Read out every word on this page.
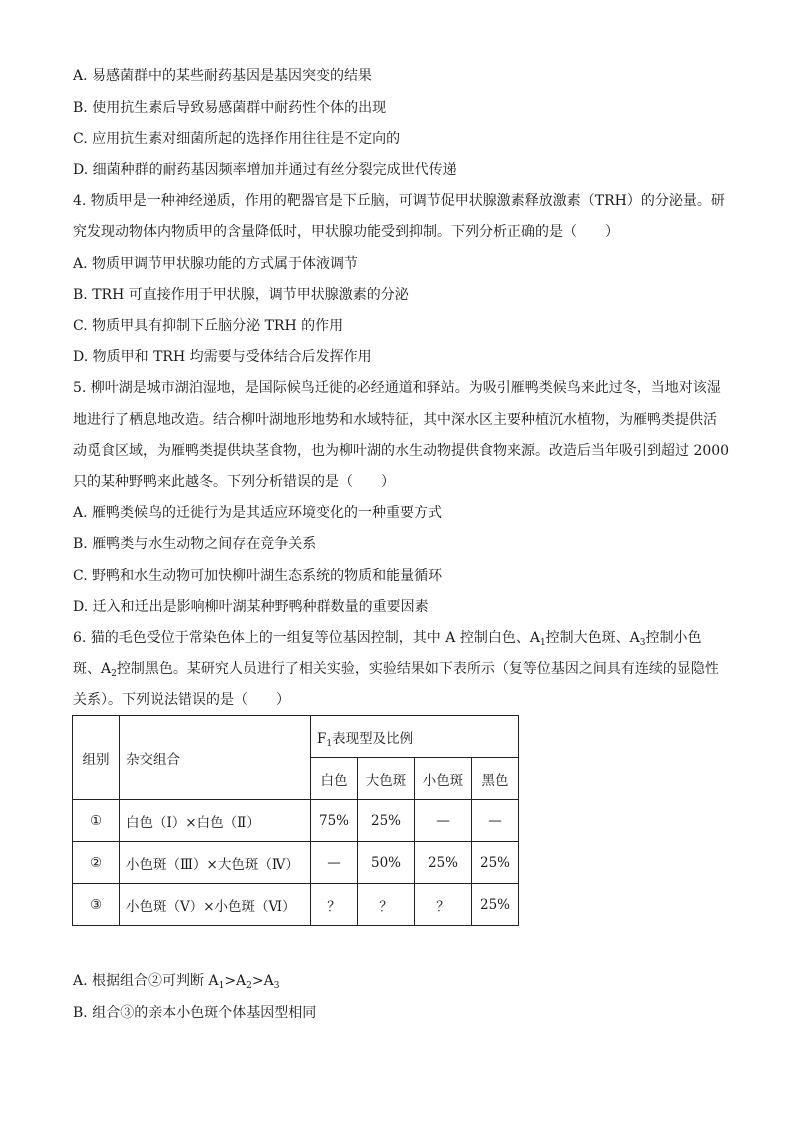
A. 易感菌群中的某些耐药基因是基因突变的结果
B. 使用抗生素后导致易感菌群中耐药性个体的出现
C. 应用抗生素对细菌所起的选择作用往往是不定向的
D. 细菌种群的耐药基因频率增加并通过有丝分裂完成世代传递
4. 物质甲是一种神经递质，作用的靶器官是下丘脑，可调节促甲状腺激素释放激素（TRH）的分泌量。研
究发现动物体内物质甲的含量降低时，甲状腺功能受到抑制。下列分析正确的是（　　）
A. 物质甲调节甲状腺功能的方式属于体液调节
B. TRH 可直接作用于甲状腺，调节甲状腺激素的分泌
C. 物质甲具有抑制下丘脑分泌 TRH 的作用
D. 物质甲和 TRH 均需要与受体结合后发挥作用
5. 柳叶湖是城市湖泊湿地，是国际候鸟迁徙的必经通道和驿站。为吸引雁鸭类候鸟来此过冬，当地对该湿
地进行了栖息地改造。结合柳叶湖地形地势和水域特征，其中深水区主要种植沉水植物，为雁鸭类提供活
动觅食区域，为雁鸭类提供块茎食物，也为柳叶湖的水生动物提供食物来源。改造后当年吸引到超过 2000
只的某种野鸭来此越冬。下列分析错误的是（　　）
A. 雁鸭类候鸟的迁徙行为是其适应环境变化的一种重要方式
B. 雁鸭类与水生动物之间存在竞争关系
C. 野鸭和水生动物可加快柳叶湖生态系统的物质和能量循环
D. 迁入和迁出是影响柳叶湖某种野鸭种群数量的重要因素
6. 猫的毛色受位于常染色体上的一组复等位基因控制，其中 A 控制白色、$A_1$控制大色斑、$A_3$控制小色
斑、$A_2$控制黑色。某研究人员进行了相关实验，实验结果如下表所示（复等位基因之间具有连续的显隐性
关系）。下列说法错误的是（　　）
组别	杂交组合	$F_1$表现型及比例			
		白色	大色斑	小色斑	黑色
①	白色（Ⅰ）×白色（Ⅱ）	75%	25%	—	—
②	小色斑（Ⅲ）×大色斑（Ⅳ）	—	50%	25%	25%
③	小色斑（Ⅴ）×小色斑（Ⅵ）	？	？	？	25%
A. 根据组合②可判断 $A_1>A_2>A_3$
B. 组合③的亲本小色斑个体基因型相同
